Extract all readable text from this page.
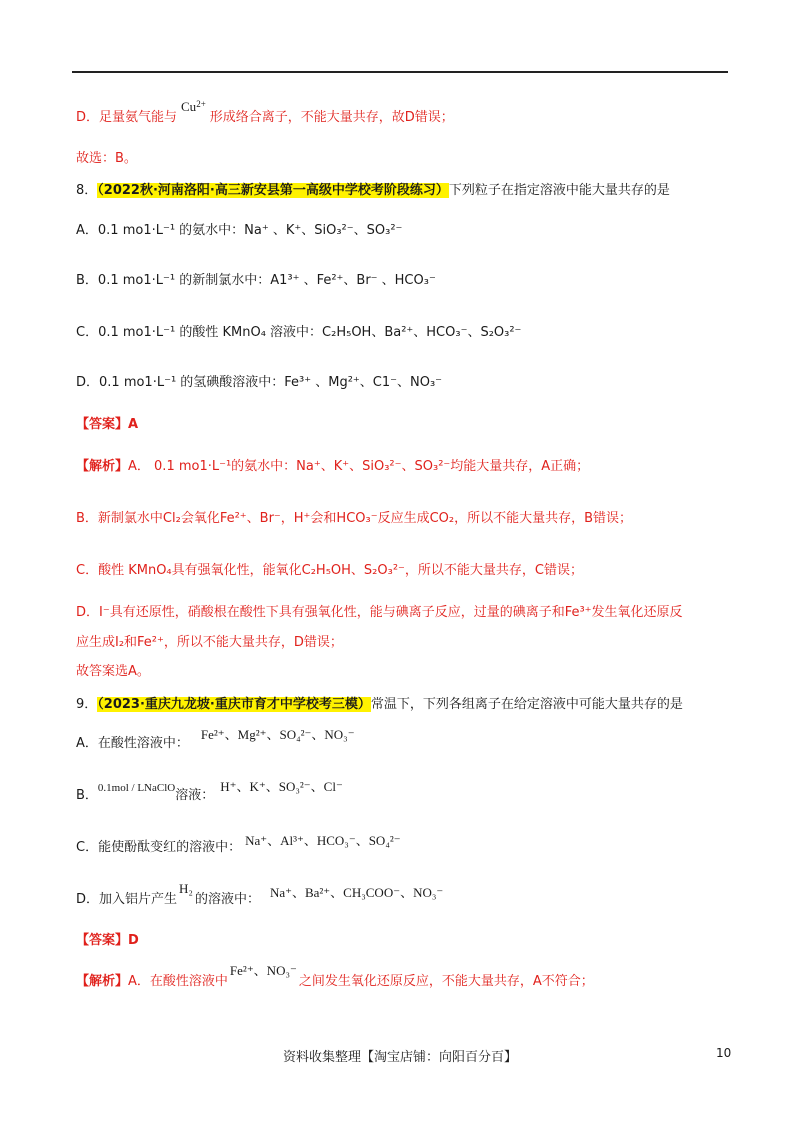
D．足量氨气能与$Cu^{2+}$形成络合离子，不能大量共存，故D错误；
故选：B。
8．（2022秋·河南洛阳·高三新安县第一高级中学校考阶段练习）下列粒子在指定溶液中能大量共存的是
A．0.1 mo1·L⁻¹ 的氨水中：Na⁺ 、K⁺、SiO₃²⁻、SO₃²⁻
B．0.1 mo1·L⁻¹ 的新制氯水中：A1³⁺ 、Fe²⁺、Br⁻ 、HCO₃⁻
C．0.1 mo1·L⁻¹ 的酸性 KMnO₄ 溶液中：C₂H₅OH、Ba²⁺、HCO₃⁻、S₂O₃²⁻
D．0.1 mo1·L⁻¹ 的氢碘酸溶液中：Fe³⁺ 、Mg²⁺、C1⁻、NO₃⁻
【答案】A
【解析】A． 0.1 mo1·L⁻¹的氨水中：Na⁺、K⁺、SiO₃²⁻、SO₃²⁻均能大量共存，A正确；
B．新制氯水中Cl₂会氧化Fe²⁺、Br⁻，H⁺会和HCO₃⁻反应生成CO₂，所以不能大量共存，B错误；
C．酸性 KMnO₄具有强氧化性，能氧化C₂H₅OH、S₂O₃²⁻，所以不能大量共存，C错误；
D．I⁻具有还原性，硝酸根在酸性下具有强氧化性，能与碘离子反应，过量的碘离子和Fe³⁺发生氧化还原反
应生成I₂和Fe²⁺，所以不能大量共存，D错误；
故答案选A。
9．（2023·重庆九龙坡·重庆市育才中学校考三模）常温下，下列各组离子在给定溶液中可能大量共存的是
A．在酸性溶液中：Fe²⁺、Mg²⁺、SO₄²⁻、NO₃⁻
B．$^{0.1mol / LNaClO}$溶液：H⁺、K⁺、SO₃²⁻、Cl⁻
C．能使酚酞变红的溶液中： Na⁺、Al³⁺、HCO₃⁻、SO₄²⁻
D．加入铝片产生H₂的溶液中： Na⁺、Ba²⁺、CH₃COO⁻、NO₃⁻
【答案】D
【解析】A．在酸性溶液中Fe²⁺、NO₃⁻之间发生氧化还原反应，不能大量共存，A不符合；
资料收集整理【淘宝店铺：向阳百分百】	10
